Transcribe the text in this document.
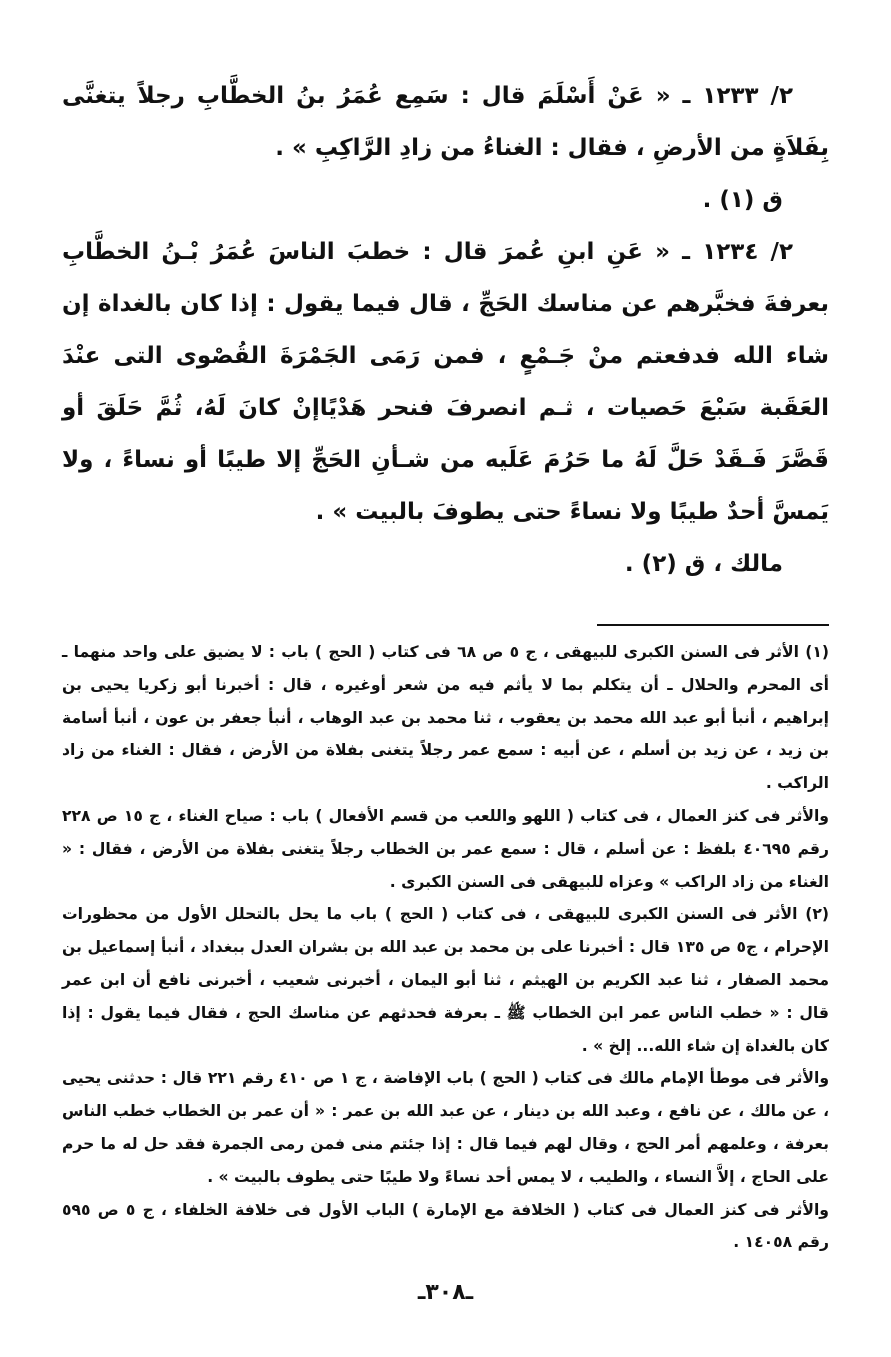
٢/ ١٢٣٣ ـ « عَنْ أَسْلَمَ قال : سَمِع عُمَرُ بنُ الخطَّابِ رجلاً يتغنَّى بِفَلاَةٍ من الأرضِ ، فقال : الغناءُ من زادِ الرَّاكِبِ » .

ق (١) .

٢/ ١٢٣٤ ـ « عَنِ ابنِ عُمرَ قال : خطبَ الناسَ عُمَرُ بْـنُ الخطَّابِ بعرفةَ فخبَّرهم عن مناسك الحَجِّ ، قال فيما يقول : إذا كان بالغداة إن شاء الله فدفعتم منْ جَـمْعٍ ، فمن رَمَى الجَمْرَةَ القُصْوى التى عنْدَ العَقَبة سَبْعَ حَصيات ، ثـم انصرفَ فنحر هَدْيًاإنْ كانَ لَهُ، ثُمَّ حَلَقَ أو قَصَّرَ فَـقَدْ حَلَّ لَهُ ما حَرُمَ عَلَيه من شـأنِ الحَجِّ إلا طيبًا أو نساءً ، ولا يَمسَّ أحدٌ طيبًا ولا نساءً حتى يطوفَ بالبيت » .

مالك ، ق (٢) .

(١) الأثر فى السنن الكبرى للبيهقى ، ج ٥ ص ٦٨ فى كتاب ( الحج ) باب : لا يضيق على واحد منهما ـ أى المحرم والحلال ـ أن يتكلم بما لا يأثم فيه من شعر أوغيره ، قال : أخبرنا أبو زكريا يحيى بن إبراهيم ، أنبأ أبو عبد الله محمد بن يعقوب ، ثنا محمد بن عبد الوهاب ، أنبأ جعفر بن عون ، أنبأ أسامة بن زيد ، عن زيد بن أسلم ، عن أبيه : سمع عمر رجلاً يتغنى بفلاة من الأرض ، فقال : الغناء من زاد الراكب .

والأثر فى كنز العمال ، فى كتاب ( اللهو واللعب من قسم الأفعال ) باب : صياح الغناء ، ج ١٥ ص ٢٢٨ رقم ٤٠٦٩٥ بلفظ : عن أسلم ، قال : سمع عمر بن الخطاب رجلاً يتغنى بفلاة من الأرض ، فقال : « الغناء من زاد الراكب » وعزاه للبيهقى فى السنن الكبرى .

(٢) الأثر فى السنن الكبرى للبيهقى ، فى كتاب ( الحج ) باب ما يحل بالتحلل الأول من محظورات الإحرام ، ج٥ ص ١٣٥ قال : أخبرنا على بن محمد بن عبد الله بن بشران العدل ببغداد ، أنبأ إسماعيل بن محمد الصفار ، ثنا عبد الكريم بن الهيثم ، ثنا أبو اليمان ، أخبرنى شعيب ، أخبرنى نافع أن ابن عمر قال : « خطب الناس عمر ابن الخطاب ﷺ ـ بعرفة فحدثهم عن مناسك الحج ، فقال فيما يقول : إذا كان بالغداة إن شاء الله... إلخ » .

والأثر فى موطأ الإمام مالك فى كتاب ( الحج ) باب الإفاضة ، ج ١ ص ٤١٠ رقم ٢٢١ قال : حدثنى يحيى ، عن مالك ، عن نافع ، وعبد الله بن دينار ، عن عبد الله بن عمر : « أن عمر بن الخطاب خطب الناس بعرفة ، وعلمهم أمر الحج ، وقال لهم فيما قال : إذا جئتم منى فمن رمى الجمرة فقد حل له ما حرم على الحاج ، إلاَّ النساء ، والطيب ، لا يمس أحد نساءً ولا طيبًا حتى يطوف بالبيت » .

والأثر فى كنز العمال فى كتاب ( الخلافة مع الإمارة ) الباب الأول فى خلافة الخلفاء ، ج ٥ ص ٥٩٥ رقم ١٤٠٥٨ .

ـ٣٠٨ـ
